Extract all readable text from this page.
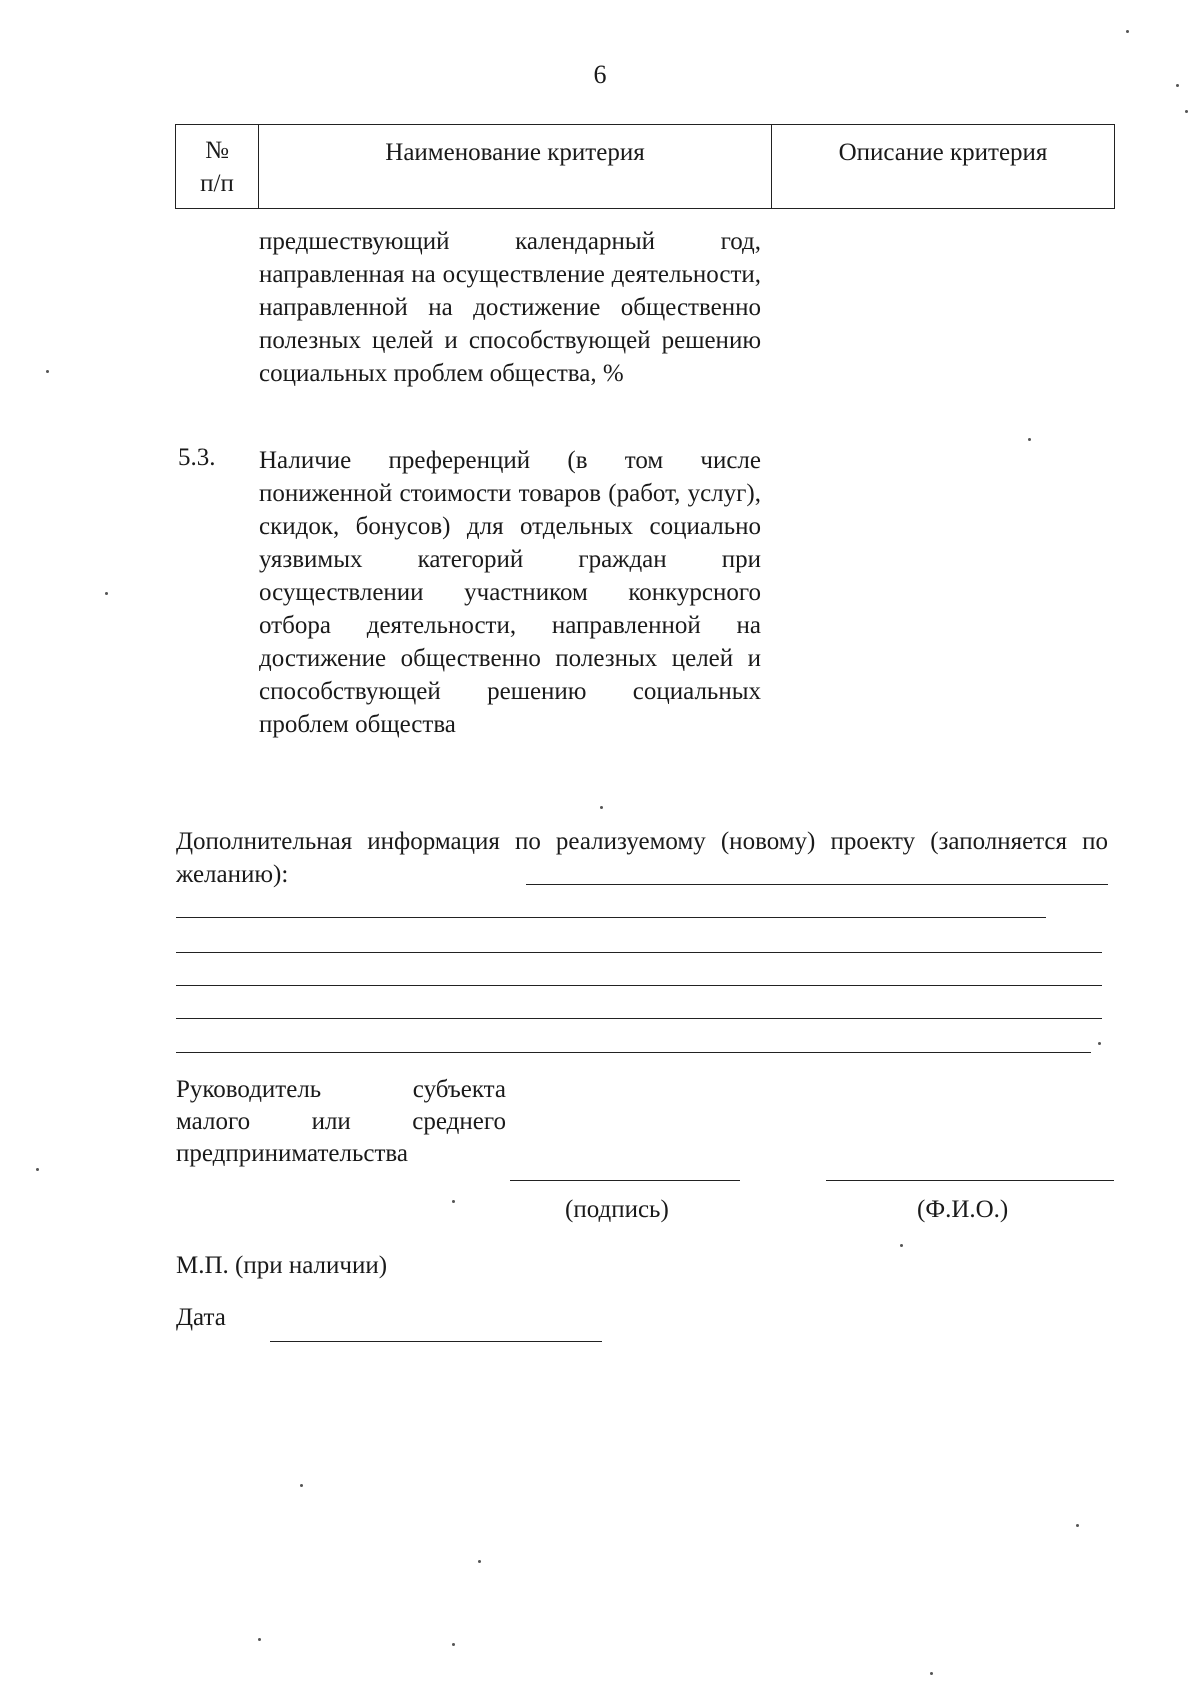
6
№
п/п
	Наименование критерия	Описание критерия
предшествующий календарный год, направленная на осуществление деятельности, направленной на достижение общественно полезных целей и способствующей решению социальных проблем общества, %
5.3. Наличие преференций (в том числе пониженной стоимости товаров (работ, услуг), скидок, бонусов) для отдельных социально уязвимых категорий граждан при осуществлении участником конкурсного отбора деятельности, направленной на достижение общественно полезных целей и способствующей решению социальных проблем общества
Дополнительная информация по реализуемому (новому) проекту (заполняется по желанию):
Руководитель	субъекта
малого или среднего
предпринимательства
(подпись)	(Ф.И.О.)
М.П. (при наличии)
Дата
